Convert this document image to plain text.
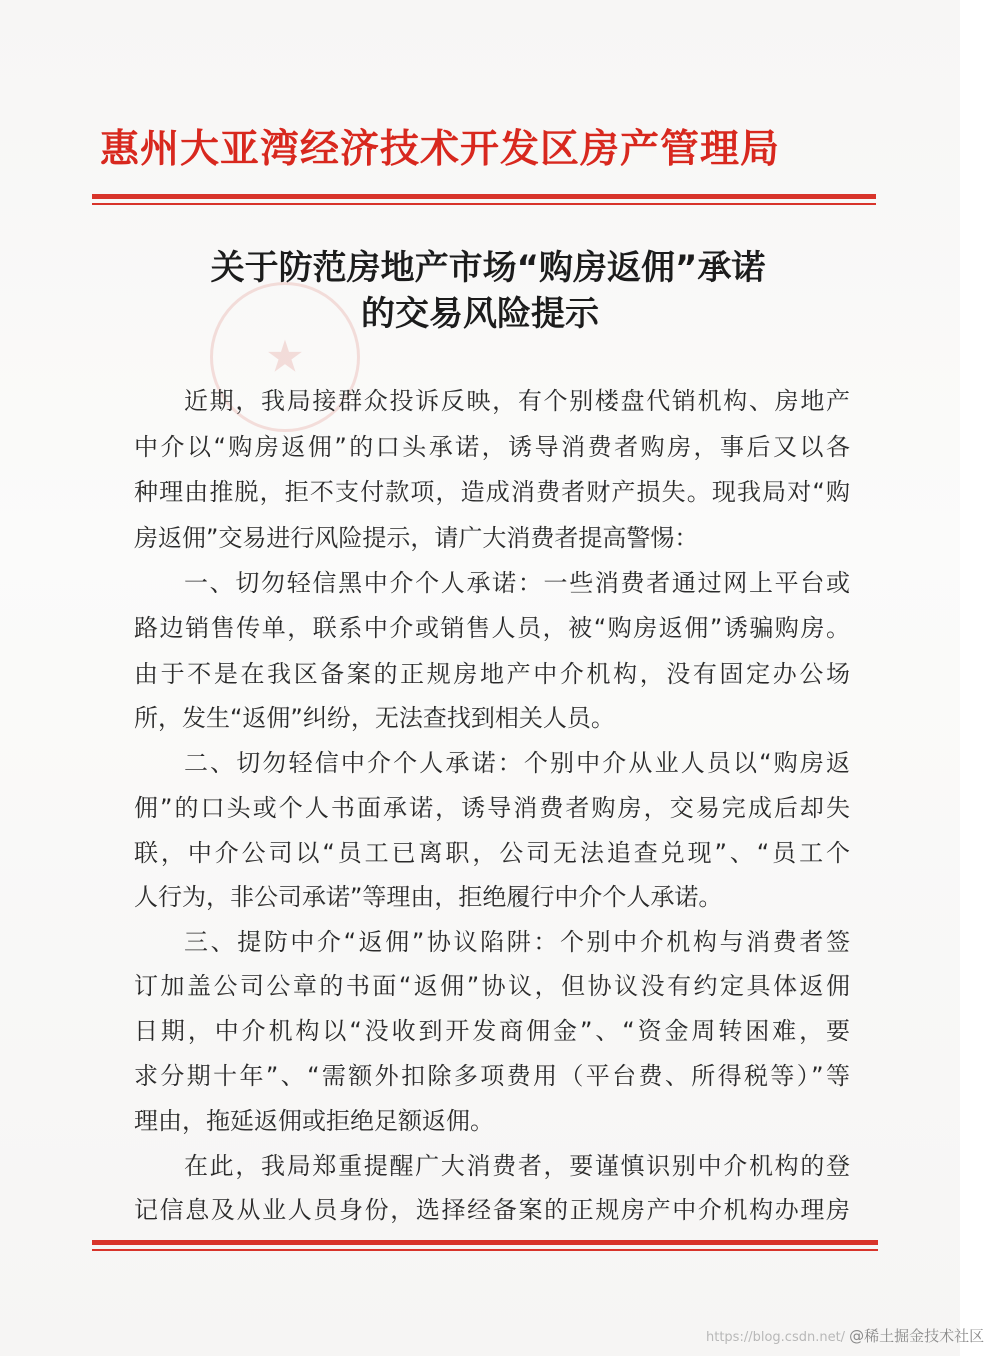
惠州大亚湾经济技术开发区房产管理局
★
关于防范房地产市场“购房返佣”承诺
的交易风险提示
近期，我局接群众投诉反映，有个别楼盘代销机构、房地产
中介以“购房返佣”的口头承诺，诱导消费者购房，事后又以各
种理由推脱，拒不支付款项，造成消费者财产损失。现我局对“购
房返佣”交易进行风险提示，请广大消费者提高警惕：
一、切勿轻信黑中介个人承诺：一些消费者通过网上平台或
路边销售传单，联系中介或销售人员，被“购房返佣”诱骗购房。
由于不是在我区备案的正规房地产中介机构，没有固定办公场
所，发生“返佣”纠纷，无法查找到相关人员。
二、切勿轻信中介个人承诺：个别中介从业人员以“购房返
佣”的口头或个人书面承诺，诱导消费者购房，交易完成后却失
联，中介公司以“员工已离职，公司无法追查兑现”、“员工个
人行为，非公司承诺”等理由，拒绝履行中介个人承诺。
三、提防中介“返佣”协议陷阱：个别中介机构与消费者签
订加盖公司公章的书面“返佣”协议，但协议没有约定具体返佣
日期，中介机构以“没收到开发商佣金”、“资金周转困难，要
求分期十年”、“需额外扣除多项费用（平台费、所得税等）”等
理由，拖延返佣或拒绝足额返佣。
在此，我局郑重提醒广大消费者，要谨慎识别中介机构的登
记信息及从业人员身份，选择经备案的正规房产中介机构办理房
https://blog.csdn.net/ @稀土掘金技术社区
